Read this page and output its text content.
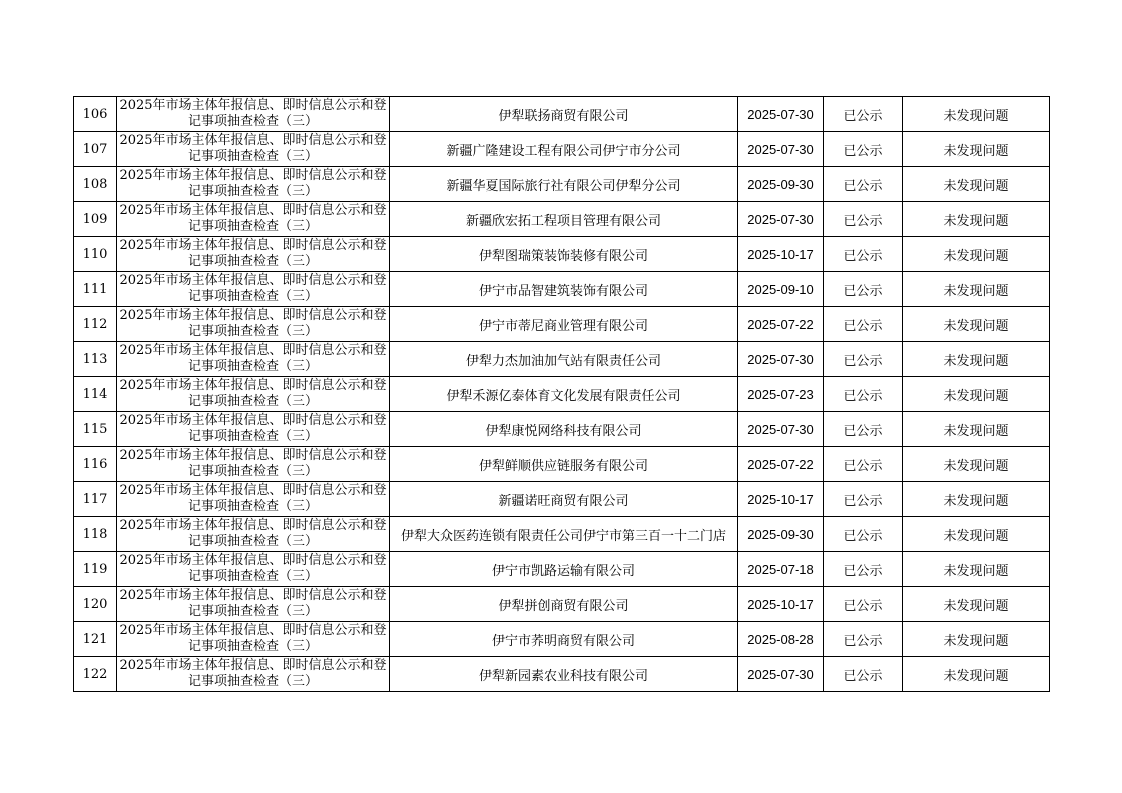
106	2025年市场主体年报信息、即时信息公示和登
记事项抽查检查（三）	伊犁联扬商贸有限公司	2025-07-30	已公示	未发现问题
107	2025年市场主体年报信息、即时信息公示和登
记事项抽查检查（三）	新疆广隆建设工程有限公司伊宁市分公司	2025-07-30	已公示	未发现问题
108	2025年市场主体年报信息、即时信息公示和登
记事项抽查检查（三）	新疆华夏国际旅行社有限公司伊犁分公司	2025-09-30	已公示	未发现问题
109	2025年市场主体年报信息、即时信息公示和登
记事项抽查检查（三）	新疆欣宏拓工程项目管理有限公司	2025-07-30	已公示	未发现问题
110	2025年市场主体年报信息、即时信息公示和登
记事项抽查检查（三）	伊犁图瑞策装饰装修有限公司	2025-10-17	已公示	未发现问题
111	2025年市场主体年报信息、即时信息公示和登
记事项抽查检查（三）	伊宁市品智建筑装饰有限公司	2025-09-10	已公示	未发现问题
112	2025年市场主体年报信息、即时信息公示和登
记事项抽查检查（三）	伊宁市蒂尼商业管理有限公司	2025-07-22	已公示	未发现问题
113	2025年市场主体年报信息、即时信息公示和登
记事项抽查检查（三）	伊犁力杰加油加气站有限责任公司	2025-07-30	已公示	未发现问题
114	2025年市场主体年报信息、即时信息公示和登
记事项抽查检查（三）	伊犁禾源亿泰体育文化发展有限责任公司	2025-07-23	已公示	未发现问题
115	2025年市场主体年报信息、即时信息公示和登
记事项抽查检查（三）	伊犁康悦网络科技有限公司	2025-07-30	已公示	未发现问题
116	2025年市场主体年报信息、即时信息公示和登
记事项抽查检查（三）	伊犁鲜顺供应链服务有限公司	2025-07-22	已公示	未发现问题
117	2025年市场主体年报信息、即时信息公示和登
记事项抽查检查（三）	新疆诺旺商贸有限公司	2025-10-17	已公示	未发现问题
118	2025年市场主体年报信息、即时信息公示和登
记事项抽查检查（三）	伊犁大众医药连锁有限责任公司伊宁市第三百一十二门店	2025-09-30	已公示	未发现问题
119	2025年市场主体年报信息、即时信息公示和登
记事项抽查检查（三）	伊宁市凯路运输有限公司	2025-07-18	已公示	未发现问题
120	2025年市场主体年报信息、即时信息公示和登
记事项抽查检查（三）	伊犁拼创商贸有限公司	2025-10-17	已公示	未发现问题
121	2025年市场主体年报信息、即时信息公示和登
记事项抽查检查（三）	伊宁市荞明商贸有限公司	2025-08-28	已公示	未发现问题
122	2025年市场主体年报信息、即时信息公示和登
记事项抽查检查（三）	伊犁新园素农业科技有限公司	2025-07-30	已公示	未发现问题
